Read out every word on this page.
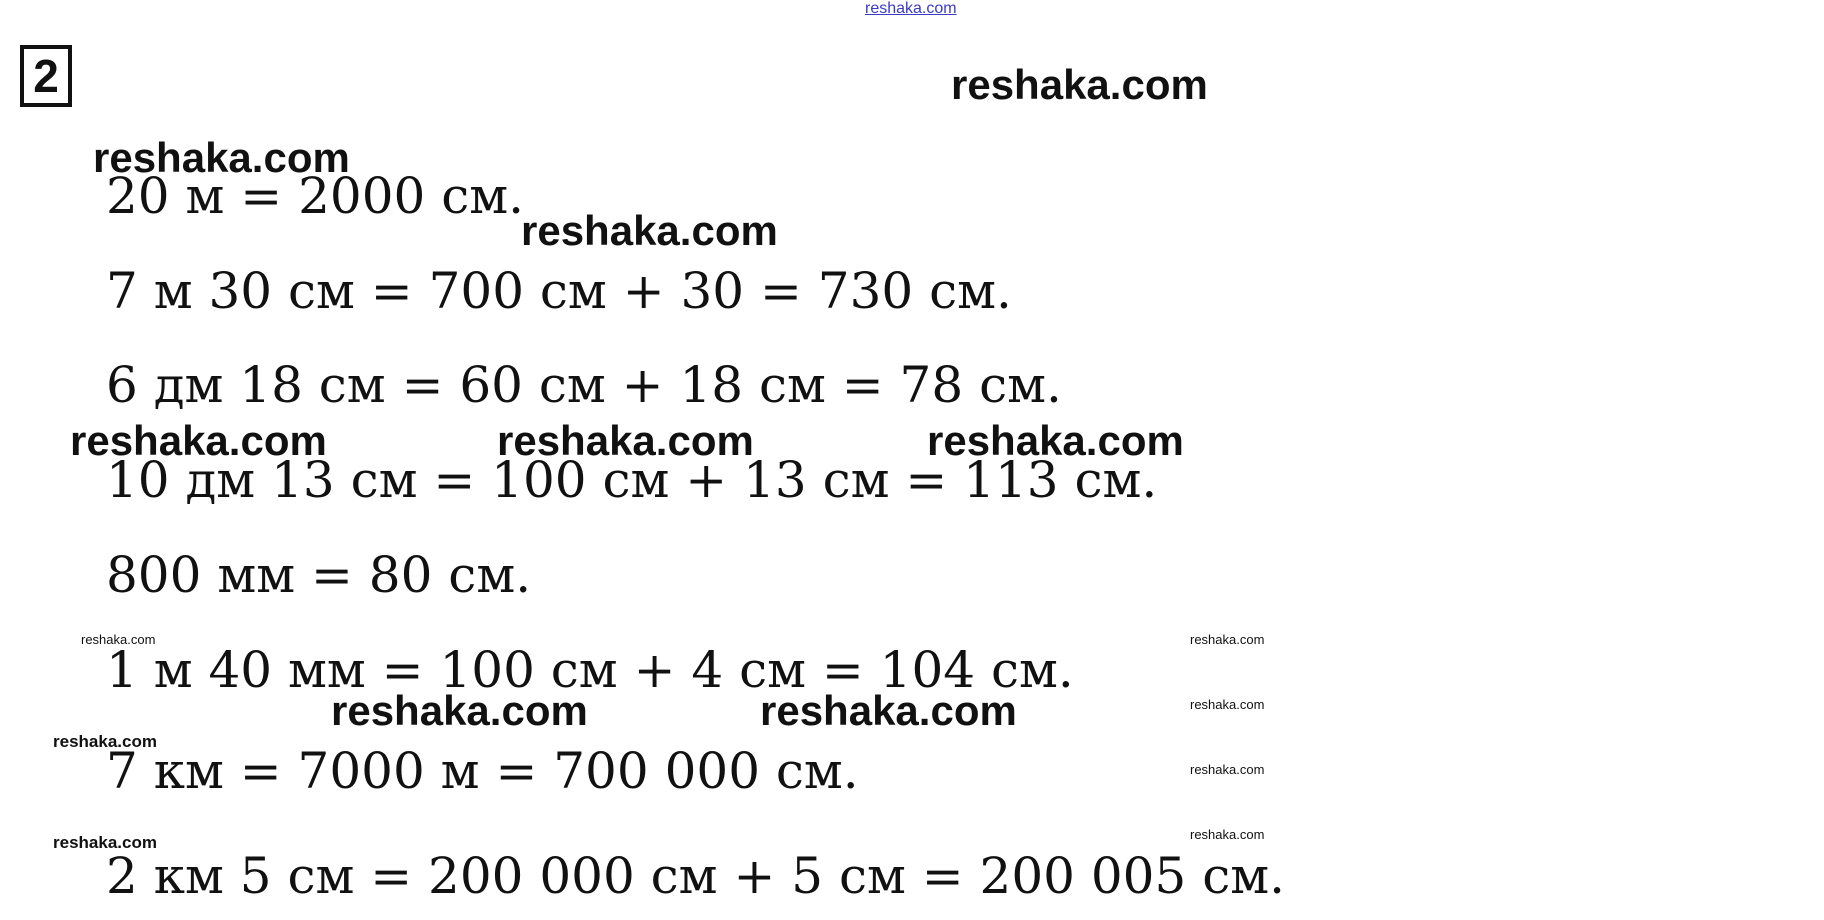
reshaka.com
2	reshaka.com
reshaka.com
reshaka.com
reshaka.com	reshaka.com	reshaka.com
reshaka.com	reshaka.com
reshaka.com	reshaka.com
reshaka.com
reshaka.com
reshaka.com
reshaka.com
reshaka.com
20 м = 2000 см.
7 м 30 см = 700 см + 30 = 730 см.
6 дм 18 см = 60 см + 18 см = 78 см.
10 дм 13 см = 100 см + 13 см = 113 см.
800 мм = 80 см.
1 м 40 мм = 100 см + 4 см = 104 см.
7 км = 7000 м = 700 000 см.
2 км 5 см = 200 000 см + 5 см = 200 005 см.
